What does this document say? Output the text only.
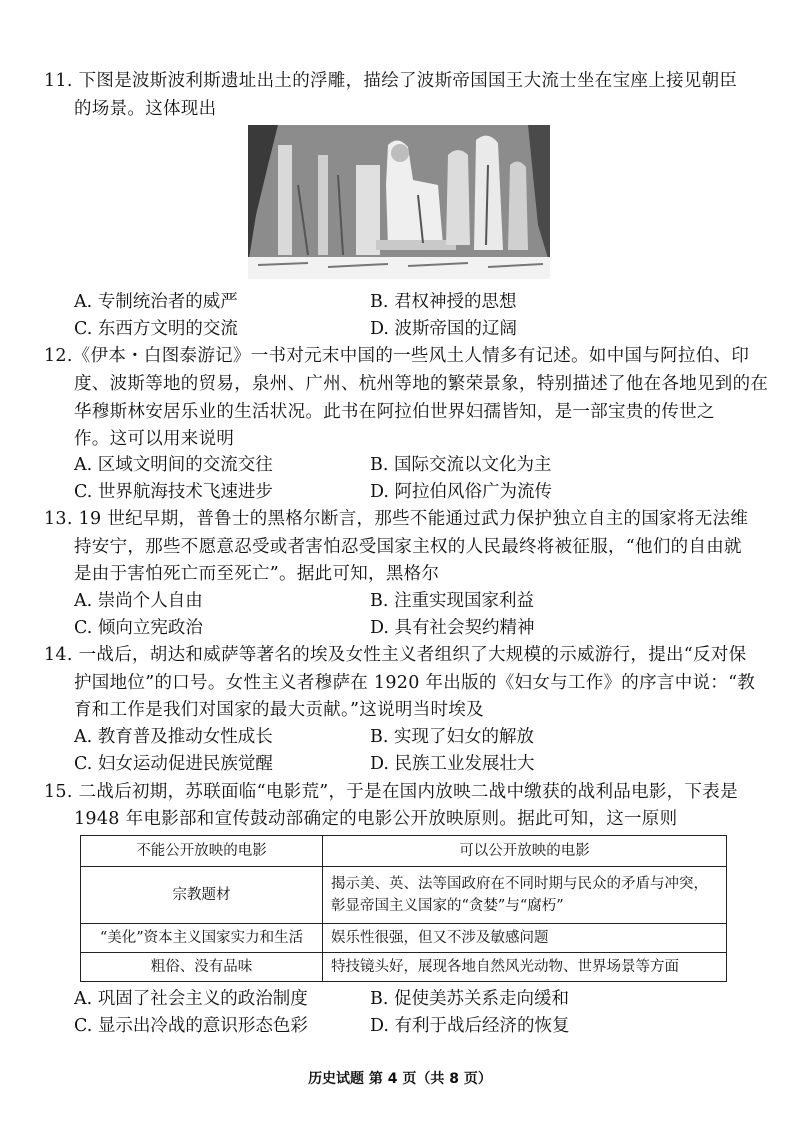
11. 下图是波斯波利斯遗址出土的浮雕，描绘了波斯帝国国王大流士坐在宝座上接见朝臣
的场景。这体现出
A. 专制统治者的威严	B. 君权神授的思想
C. 东西方文明的交流	D. 波斯帝国的辽阔
12.《伊本・白图泰游记》一书对元末中国的一些风土人情多有记述。如中国与阿拉伯、印
度、波斯等地的贸易，泉州、广州、杭州等地的繁荣景象，特别描述了他在各地见到的在
华穆斯林安居乐业的生活状况。此书在阿拉伯世界妇孺皆知，是一部宝贵的传世之
作。这可以用来说明
A. 区域文明间的交流交往	B. 国际交流以文化为主
C. 世界航海技术飞速进步	D. 阿拉伯风俗广为流传
13. 19 世纪早期，普鲁士的黑格尔断言，那些不能通过武力保护独立自主的国家将无法维
持安宁，那些不愿意忍受或者害怕忍受国家主权的人民最终将被征服，“他们的自由就
是由于害怕死亡而至死亡”。据此可知，黑格尔
A. 崇尚个人自由	B. 注重实现国家利益
C. 倾向立宪政治	D. 具有社会契约精神
14. 一战后，胡达和威萨等著名的埃及女性主义者组织了大规模的示威游行，提出“反对保
护国地位”的口号。女性主义者穆萨在 1920 年出版的《妇女与工作》的序言中说：“教
育和工作是我们对国家的最大贡献。”这说明当时埃及
A. 教育普及推动女性成长	B. 实现了妇女的解放
C. 妇女运动促进民族觉醒	D. 民族工业发展壮大
15. 二战后初期，苏联面临“电影荒”，于是在国内放映二战中缴获的战利品电影，下表是
1948 年电影部和宣传鼓动部确定的电影公开放映原则。据此可知，这一原则
不能公开放映的电影	可以公开放映的电影
宗教题材	揭示美、英、法等国政府在不同时期与民众的矛盾与冲突，彰显帝国主义国家的“贪婪”与“腐朽”
“美化”资本主义国家实力和生活	娱乐性很强，但又不涉及敏感问题
粗俗、没有品味	特技镜头好，展现各地自然风光动物、世界场景等方面
A. 巩固了社会主义的政治制度	B. 促使美苏关系走向缓和
C. 显示出冷战的意识形态色彩	D. 有利于战后经济的恢复
历史试题 第 4 页（共 8 页）
